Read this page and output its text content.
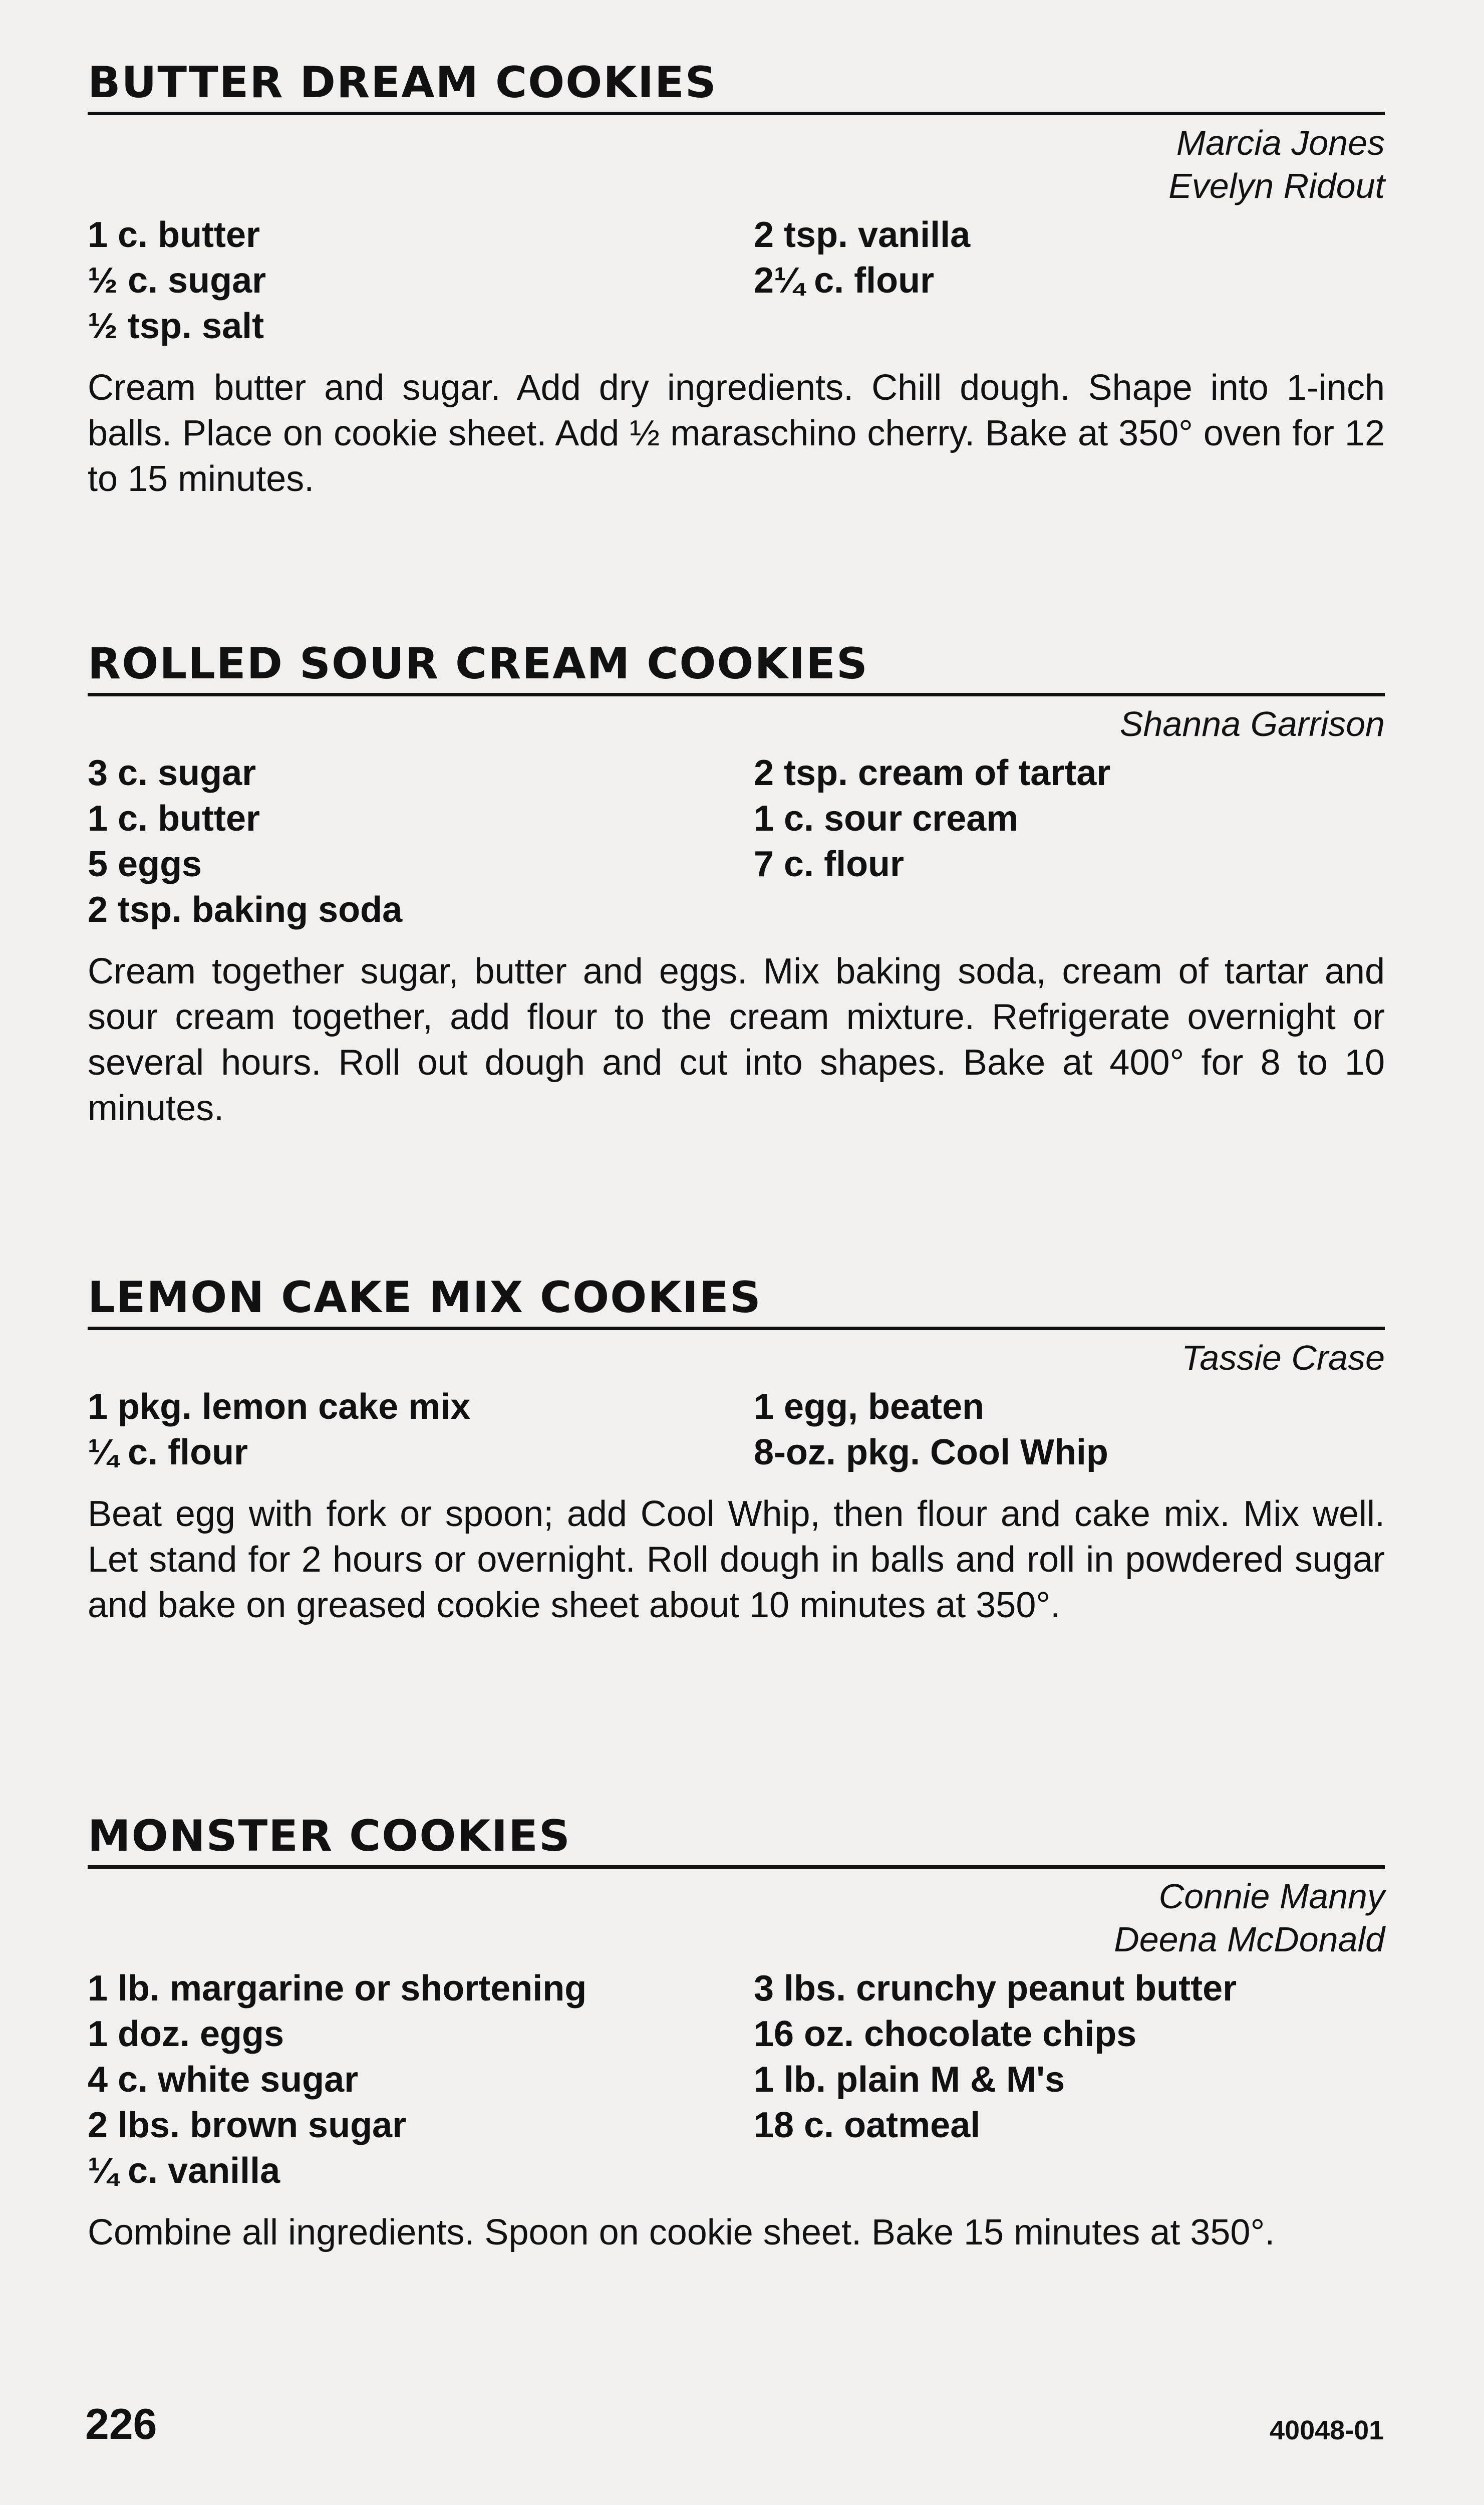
BUTTER DREAM COOKIES
Marcia Jones
Evelyn Ridout
1 c. butter
½ c. sugar
½ tsp. salt
2 tsp. vanilla
2¼ c. flour

Cream butter and sugar. Add dry ingredients. Chill dough. Shape into 1-inch balls. Place on cookie sheet. Add ½ maraschino cherry. Bake at 350° oven for 12 to 15 minutes.

ROLLED SOUR CREAM COOKIES
Shanna Garrison
3 c. sugar
1 c. butter
5 eggs
2 tsp. baking soda
2 tsp. cream of tartar
1 c. sour cream
7 c. flour

Cream together sugar, butter and eggs. Mix baking soda, cream of tartar and sour cream together, add flour to the cream mixture. Refrigerate overnight or several hours. Roll out dough and cut into shapes. Bake at 400° for 8 to 10 minutes.

LEMON CAKE MIX COOKIES
Tassie Crase
1 pkg. lemon cake mix
¼ c. flour
1 egg, beaten
8-oz. pkg. Cool Whip

Beat egg with fork or spoon; add Cool Whip, then flour and cake mix. Mix well. Let stand for 2 hours or overnight. Roll dough in balls and roll in powdered sugar and bake on greased cookie sheet about 10 minutes at 350°.

MONSTER COOKIES
Connie Manny
Deena McDonald
1 lb. margarine or shortening
1 doz. eggs
4 c. white sugar
2 lbs. brown sugar
¼ c. vanilla
3 lbs. crunchy peanut butter
16 oz. chocolate chips
1 lb. plain M & M's
18 c. oatmeal

Combine all ingredients. Spoon on cookie sheet. Bake 15 minutes at 350°.

226	40048-01
